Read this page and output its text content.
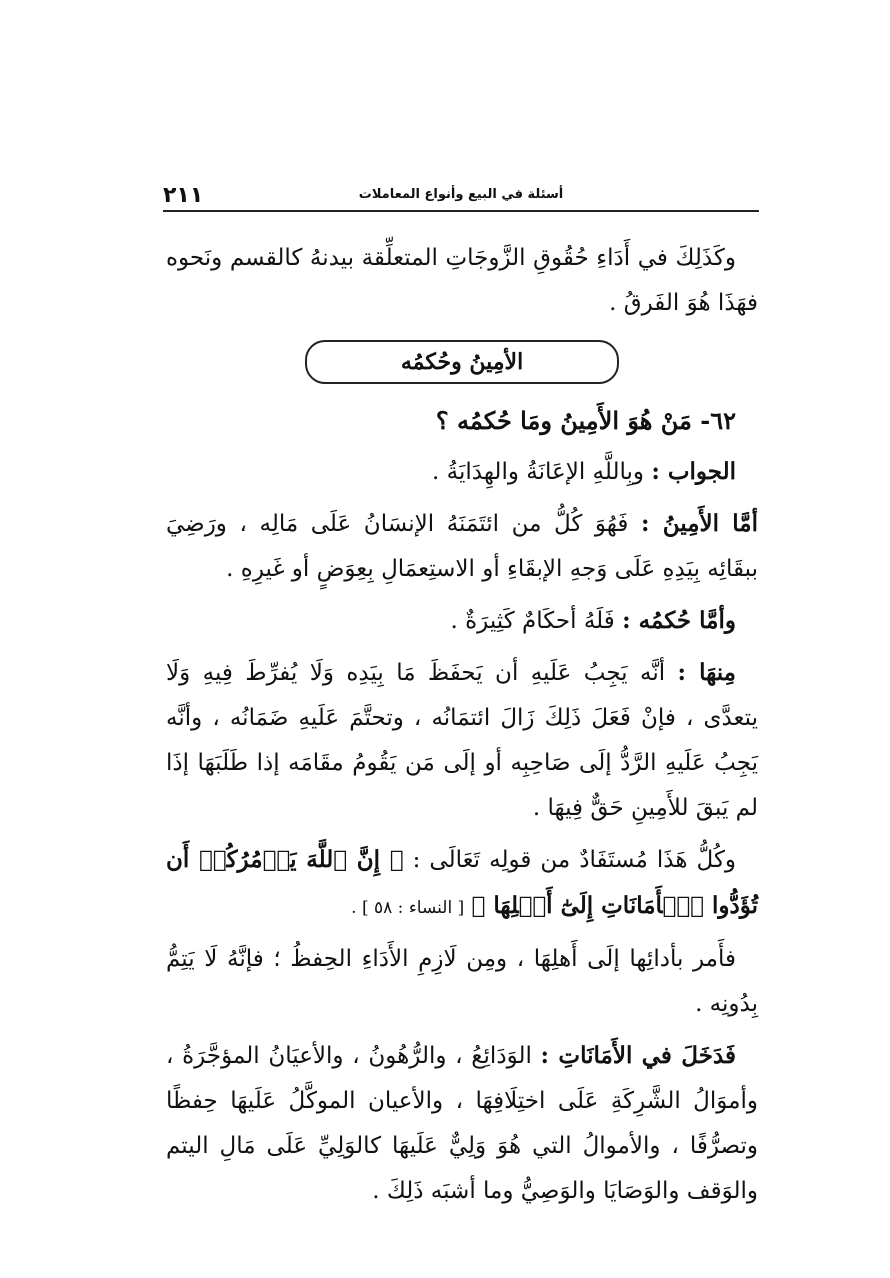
٢١١	أسئلة في البيع وأنواع المعاملات

وكَذَلِكَ في أَدَاءِ حُقُوقِ الزَّوجَاتِ المتعلِّقة بيدنهُ كالقسم ونَحوه فهَذَا هُوَ الفَرقُ .

الأمِينُ وحُكمُه

٦٢- مَنْ هُوَ الأَمِينُ ومَا حُكمُه ؟

الجواب : وبِاللَّهِ الإعَانَةُ والهِدَايَةُ .

أمَّا الأَمِينُ : فَهُوَ كُلُّ من ائتَمَنَهُ الإنسَانُ عَلَى مَالِه ، ورَضِيَ ببقَائِه بِيَدِهِ عَلَى وَجهِ الإبقَاءِ أو الاستِعمَالِ بِعِوَضٍ أو غَيرِهِ .

وأمَّا حُكمُه : فَلَهُ أحكَامٌ كَثِيرَةٌ .

مِنهَا : أنَّه يَجِبُ عَلَيهِ أن يَحفَظَ مَا بِيَدِه وَلَا يُفرِّطَ فِيهِ وَلَا يتعدَّى ، فإنْ فَعَلَ ذَلِكَ زَالَ ائتمَانُه ، وتحتَّمَ عَلَيهِ ضَمَانُه ، وأنَّه يَجِبُ عَلَيهِ الرَّدُّ إلَى صَاحِبِه أو إلَى مَن يَقُومُ مقَامَه إذا طَلَبَهَا إذَا لم يَبقَ للأَمِينِ حَقٌّ فِيهَا .

وكُلُّ هَذَا مُستَفَادٌ من قولِه تَعَالَى : ﴿ إِنَّ ٱللَّهَ يَأۡمُرُكُمۡ أَن تُؤَدُّوا ٱلۡأَمَانَاتِ إِلَىٰٓ أَهۡلِهَا ﴾ [ النساء : ٥٨ ] .

فأَمر بأدائِها إلَى أَهلِهَا ، ومِن لَازِمِ الأَدَاءِ الحِفظُ ؛ فإنَّهُ لَا يَتِمُّ بِدُونِه .

فَدَخَلَ في الأَمَانَاتِ : الوَدَائِعُ ، والرُّهُونُ ، والأعيَانُ المؤجَّرَةُ ، وأموَالُ الشَّرِكَةِ عَلَى اختِلَافِهَا ، والأعيان الموكَّلُ عَلَيهَا حِفظًا وتصرُّفًا ، والأموالُ التي هُوَ وَلِيٌّ عَلَيهَا كالوَلِيِّ عَلَى مَالِ اليتم والوَقف والوَصَايَا والوَصِيُّ وما أشبَه ذَلِكَ .
